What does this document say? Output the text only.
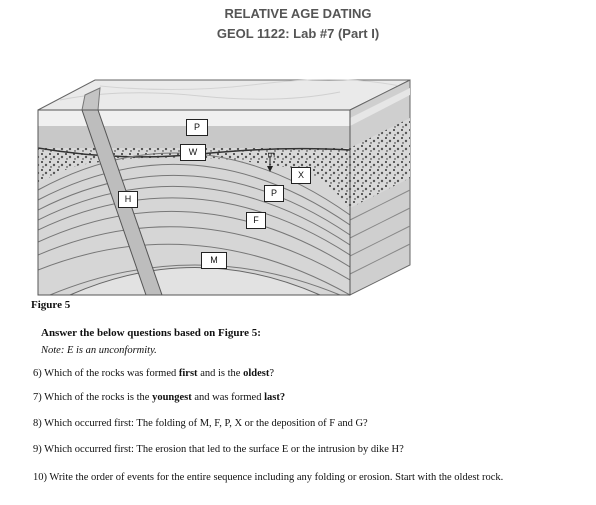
RELATIVE AGE DATING
GEOL 1122: Lab #7 (Part I)
E
P
W
X
H
P
F
M
Figure 5
Answer the below questions based on Figure 5:
Note: E is an unconformity.
6) Which of the rocks was formed first and is the oldest?
7) Which of the rocks is the youngest and was formed last?
8) Which occurred first: The folding of M, F, P, X or the deposition of F and G?
9) Which occurred first: The erosion that led to the surface E or the intrusion by dike H?
10) Write the order of events for the entire sequence including any folding or erosion. Start with the oldest rock.
